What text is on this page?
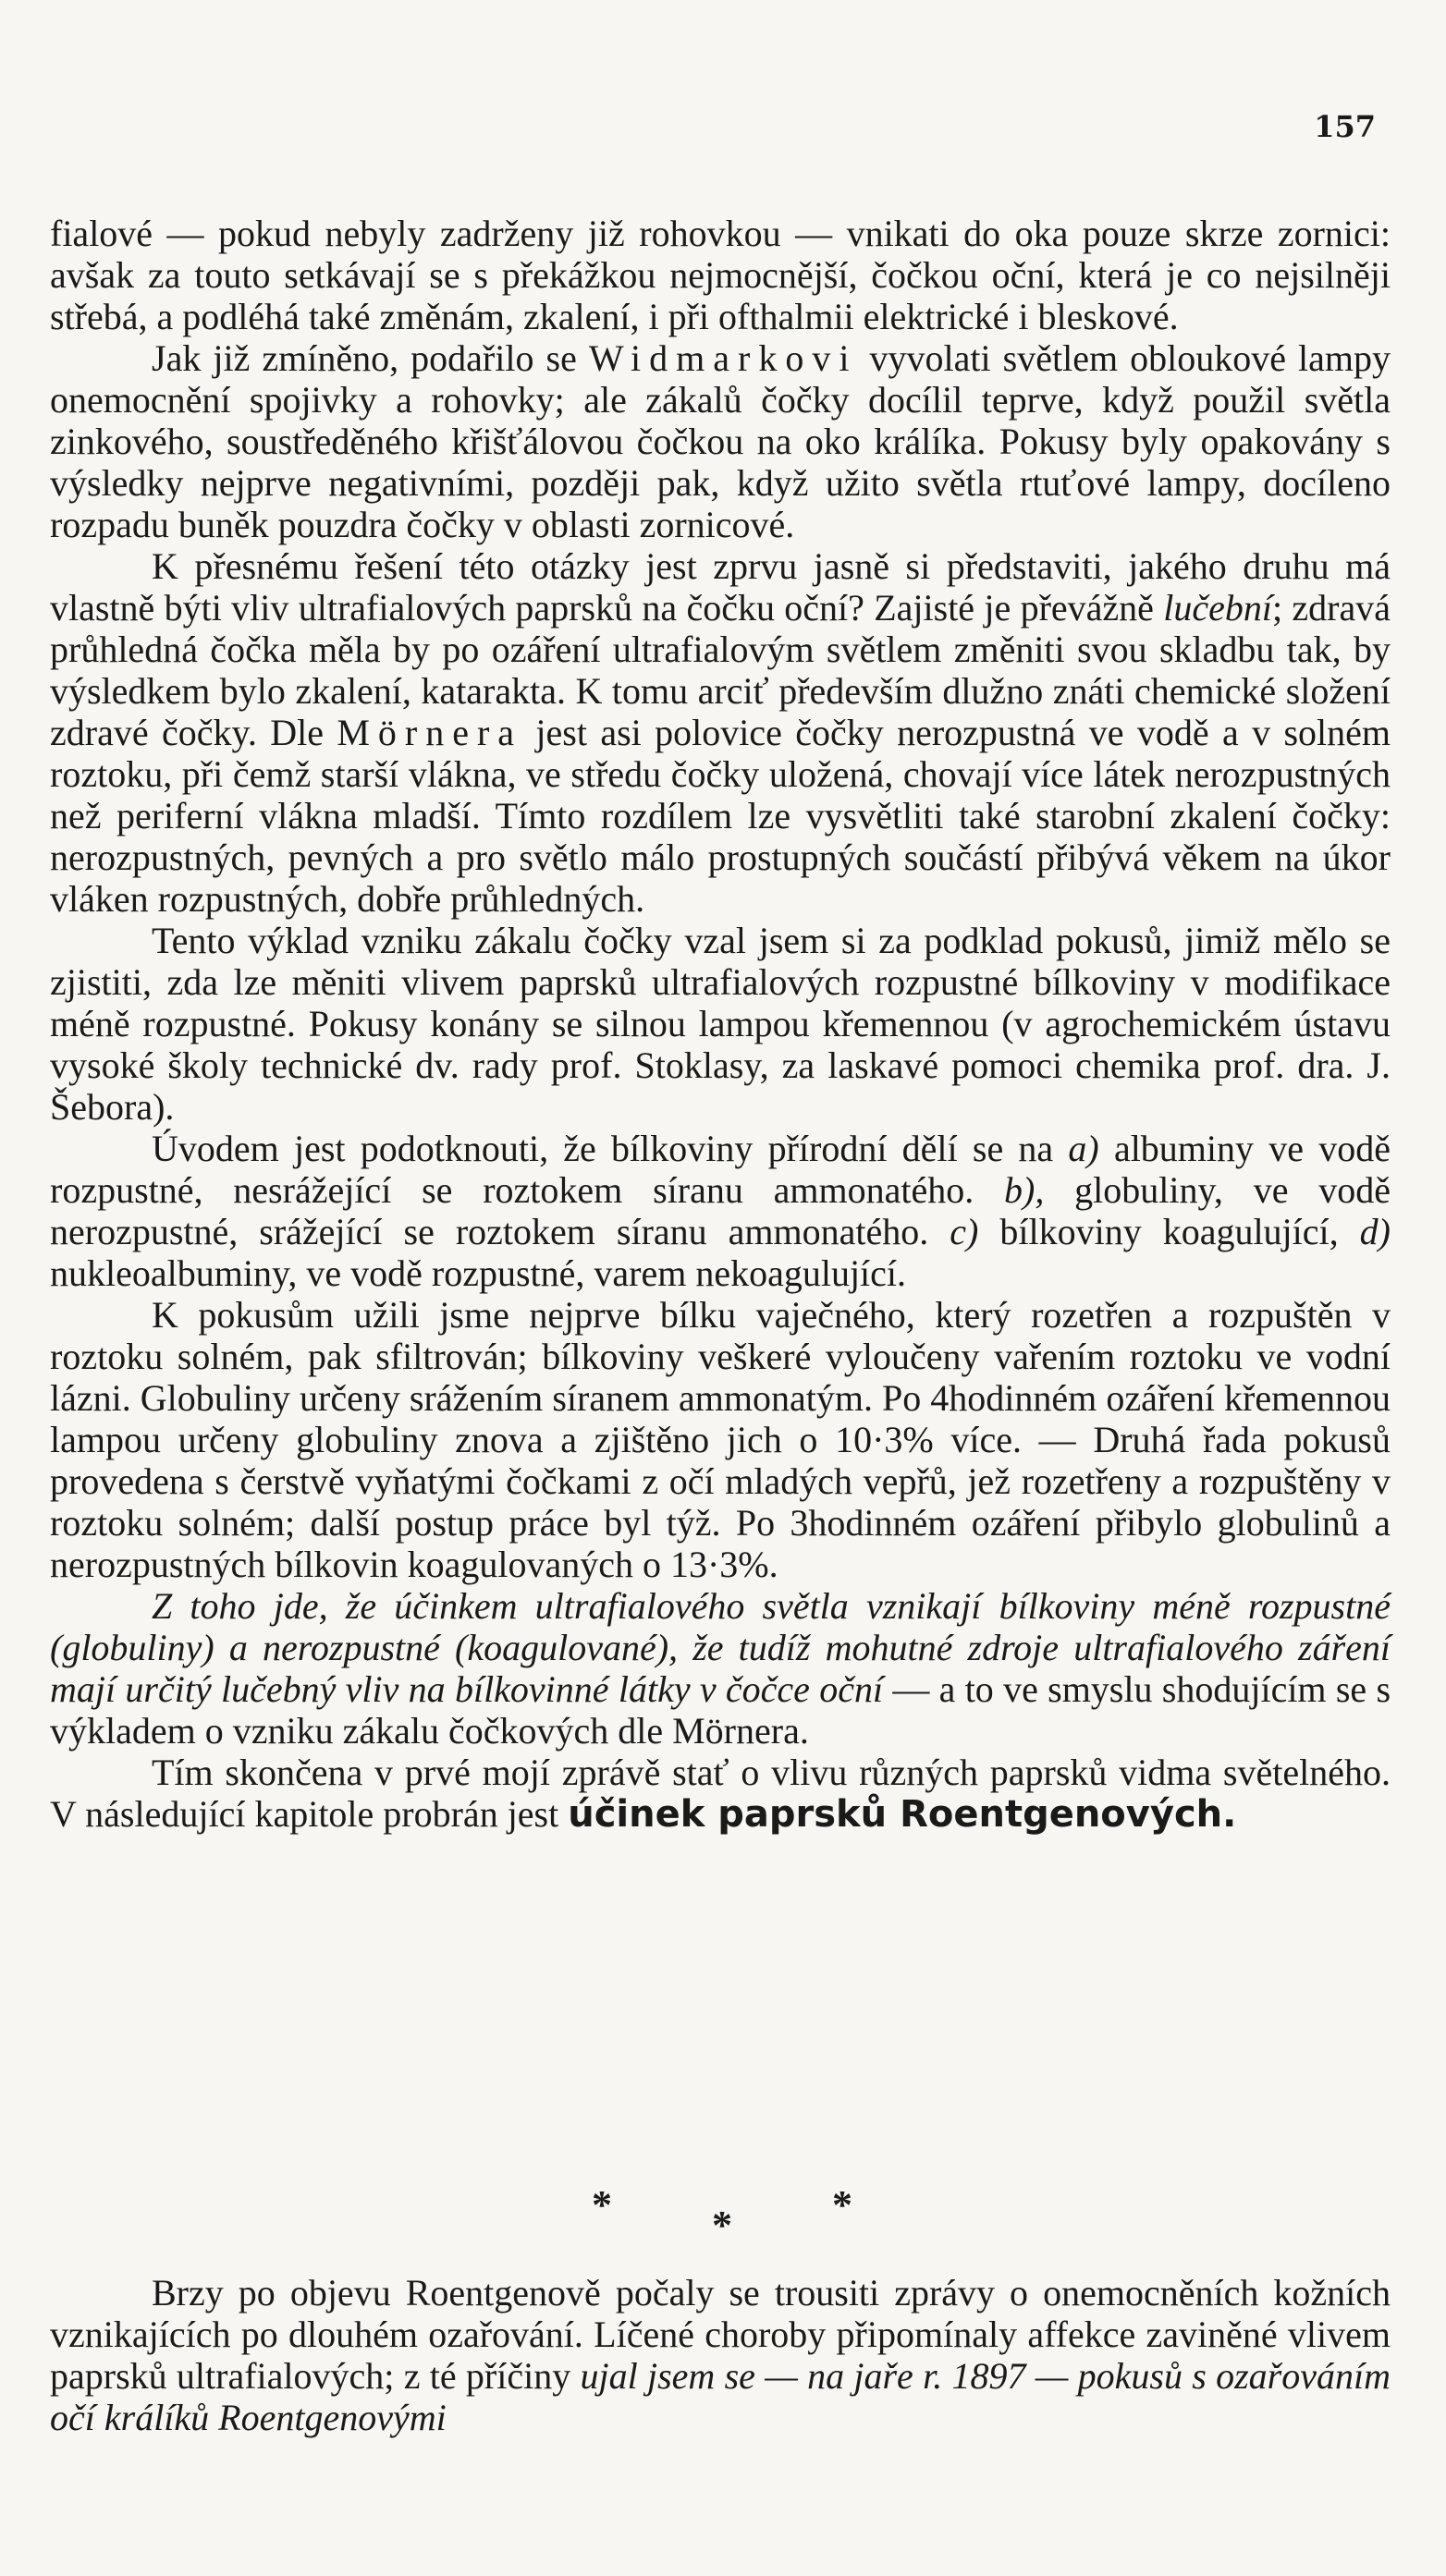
157

fialové — pokud nebyly zadrženy již rohovkou — vnikati do oka pouze skrze zornici: avšak za touto setkávají se s překážkou nejmocnější, čočkou oční, která je co nejsilněji střebá, a podléhá také změnám, zkalení, i při ofthalmii elektrické i bleskové.

Jak již zmíněno, podařilo se Widmarkovi vyvolati světlem obloukové lampy onemocnění spojivky a rohovky; ale zákalů čočky docílil teprve, když použil světla zinkového, soustředěného křišťálovou čočkou na oko králíka. Pokusy byly opakovány s výsledky nejprve negativními, později pak, když užito světla rtuťové lampy, docíleno rozpadu buněk pouzdra čočky v oblasti zornicové.

K přesnému řešení této otázky jest zprvu jasně si představiti, jakého druhu má vlastně býti vliv ultrafialových paprsků na čočku oční? Zajisté je převážně lučební; zdravá průhledná čočka měla by po ozáření ultrafialovým světlem změniti svou skladbu tak, by výsledkem bylo zkalení, katarakta. K tomu arciť především dlužno znáti chemické složení zdravé čočky. Dle Mörnera jest asi polovice čočky nerozpustná ve vodě a v solném roztoku, při čemž starší vlákna, ve středu čočky uložená, chovají více látek nerozpustných než periferní vlákna mladší. Tímto rozdílem lze vysvětliti také starobní zkalení čočky: nerozpustných, pevných a pro světlo málo prostupných součástí přibývá věkem na úkor vláken rozpustných, dobře průhledných.

Tento výklad vzniku zákalu čočky vzal jsem si za podklad pokusů, jimiž mělo se zjistiti, zda lze měniti vlivem paprsků ultrafialových rozpustné bílkoviny v modifikace méně rozpustné. Pokusy konány se silnou lampou křemennou (v agrochemickém ústavu vysoké školy technické dv. rady prof. Stoklasy, za laskavé pomoci chemika prof. dra. J. Šebora).

Úvodem jest podotknouti, že bílkoviny přírodní dělí se na a) albuminy ve vodě rozpustné, nesrážející se roztokem síranu ammonatého. b), globuliny, ve vodě nerozpustné, srážející se roztokem síranu ammonatého. c) bílkoviny koagulující, d) nukleoalbuminy, ve vodě rozpustné, varem nekoagulující.

K pokusům užili jsme nejprve bílku vaječného, který rozetřen a rozpuštěn v roztoku solném, pak sfiltrován; bílkoviny veškeré vyloučeny vařením roztoku ve vodní lázni. Globuliny určeny srážením síranem ammonatým. Po 4hodinném ozáření křemennou lampou určeny globuliny znova a zjištěno jich o 10·3% více. — Druhá řada pokusů provedena s čerstvě vyňatými čočkami z očí mladých vepřů, jež rozetřeny a rozpuštěny v roztoku solném; další postup práce byl týž. Po 3hodinném ozáření přibylo globulinů a nerozpustných bílkovin koagulovaných o 13·3%.

Z toho jde, že účinkem ultrafialového světla vznikají bílkoviny méně rozpustné (globuliny) a nerozpustné (koagulované), že tudíž mohutné zdroje ultrafialového záření mají určitý lučebný vliv na bílkovinné látky v čočce oční — a to ve smyslu shodujícím se s výkladem o vzniku zákalu čočkových dle Mörnera.

Tím skončena v prvé mojí zprávě stať o vlivu různých paprsků vidma světelného. V následující kapitole probrán jest účinek paprsků Roentgenových.

* * *

Brzy po objevu Roentgenově počaly se trousiti zprávy o onemocněních kožních vznikajících po dlouhém ozařování. Líčené choroby připomínaly affekce zaviněné vlivem paprsků ultrafialových; z té příčiny ujal jsem se — na jaře r. 1897 — pokusů s ozařováním očí králíků Roentgenovými
